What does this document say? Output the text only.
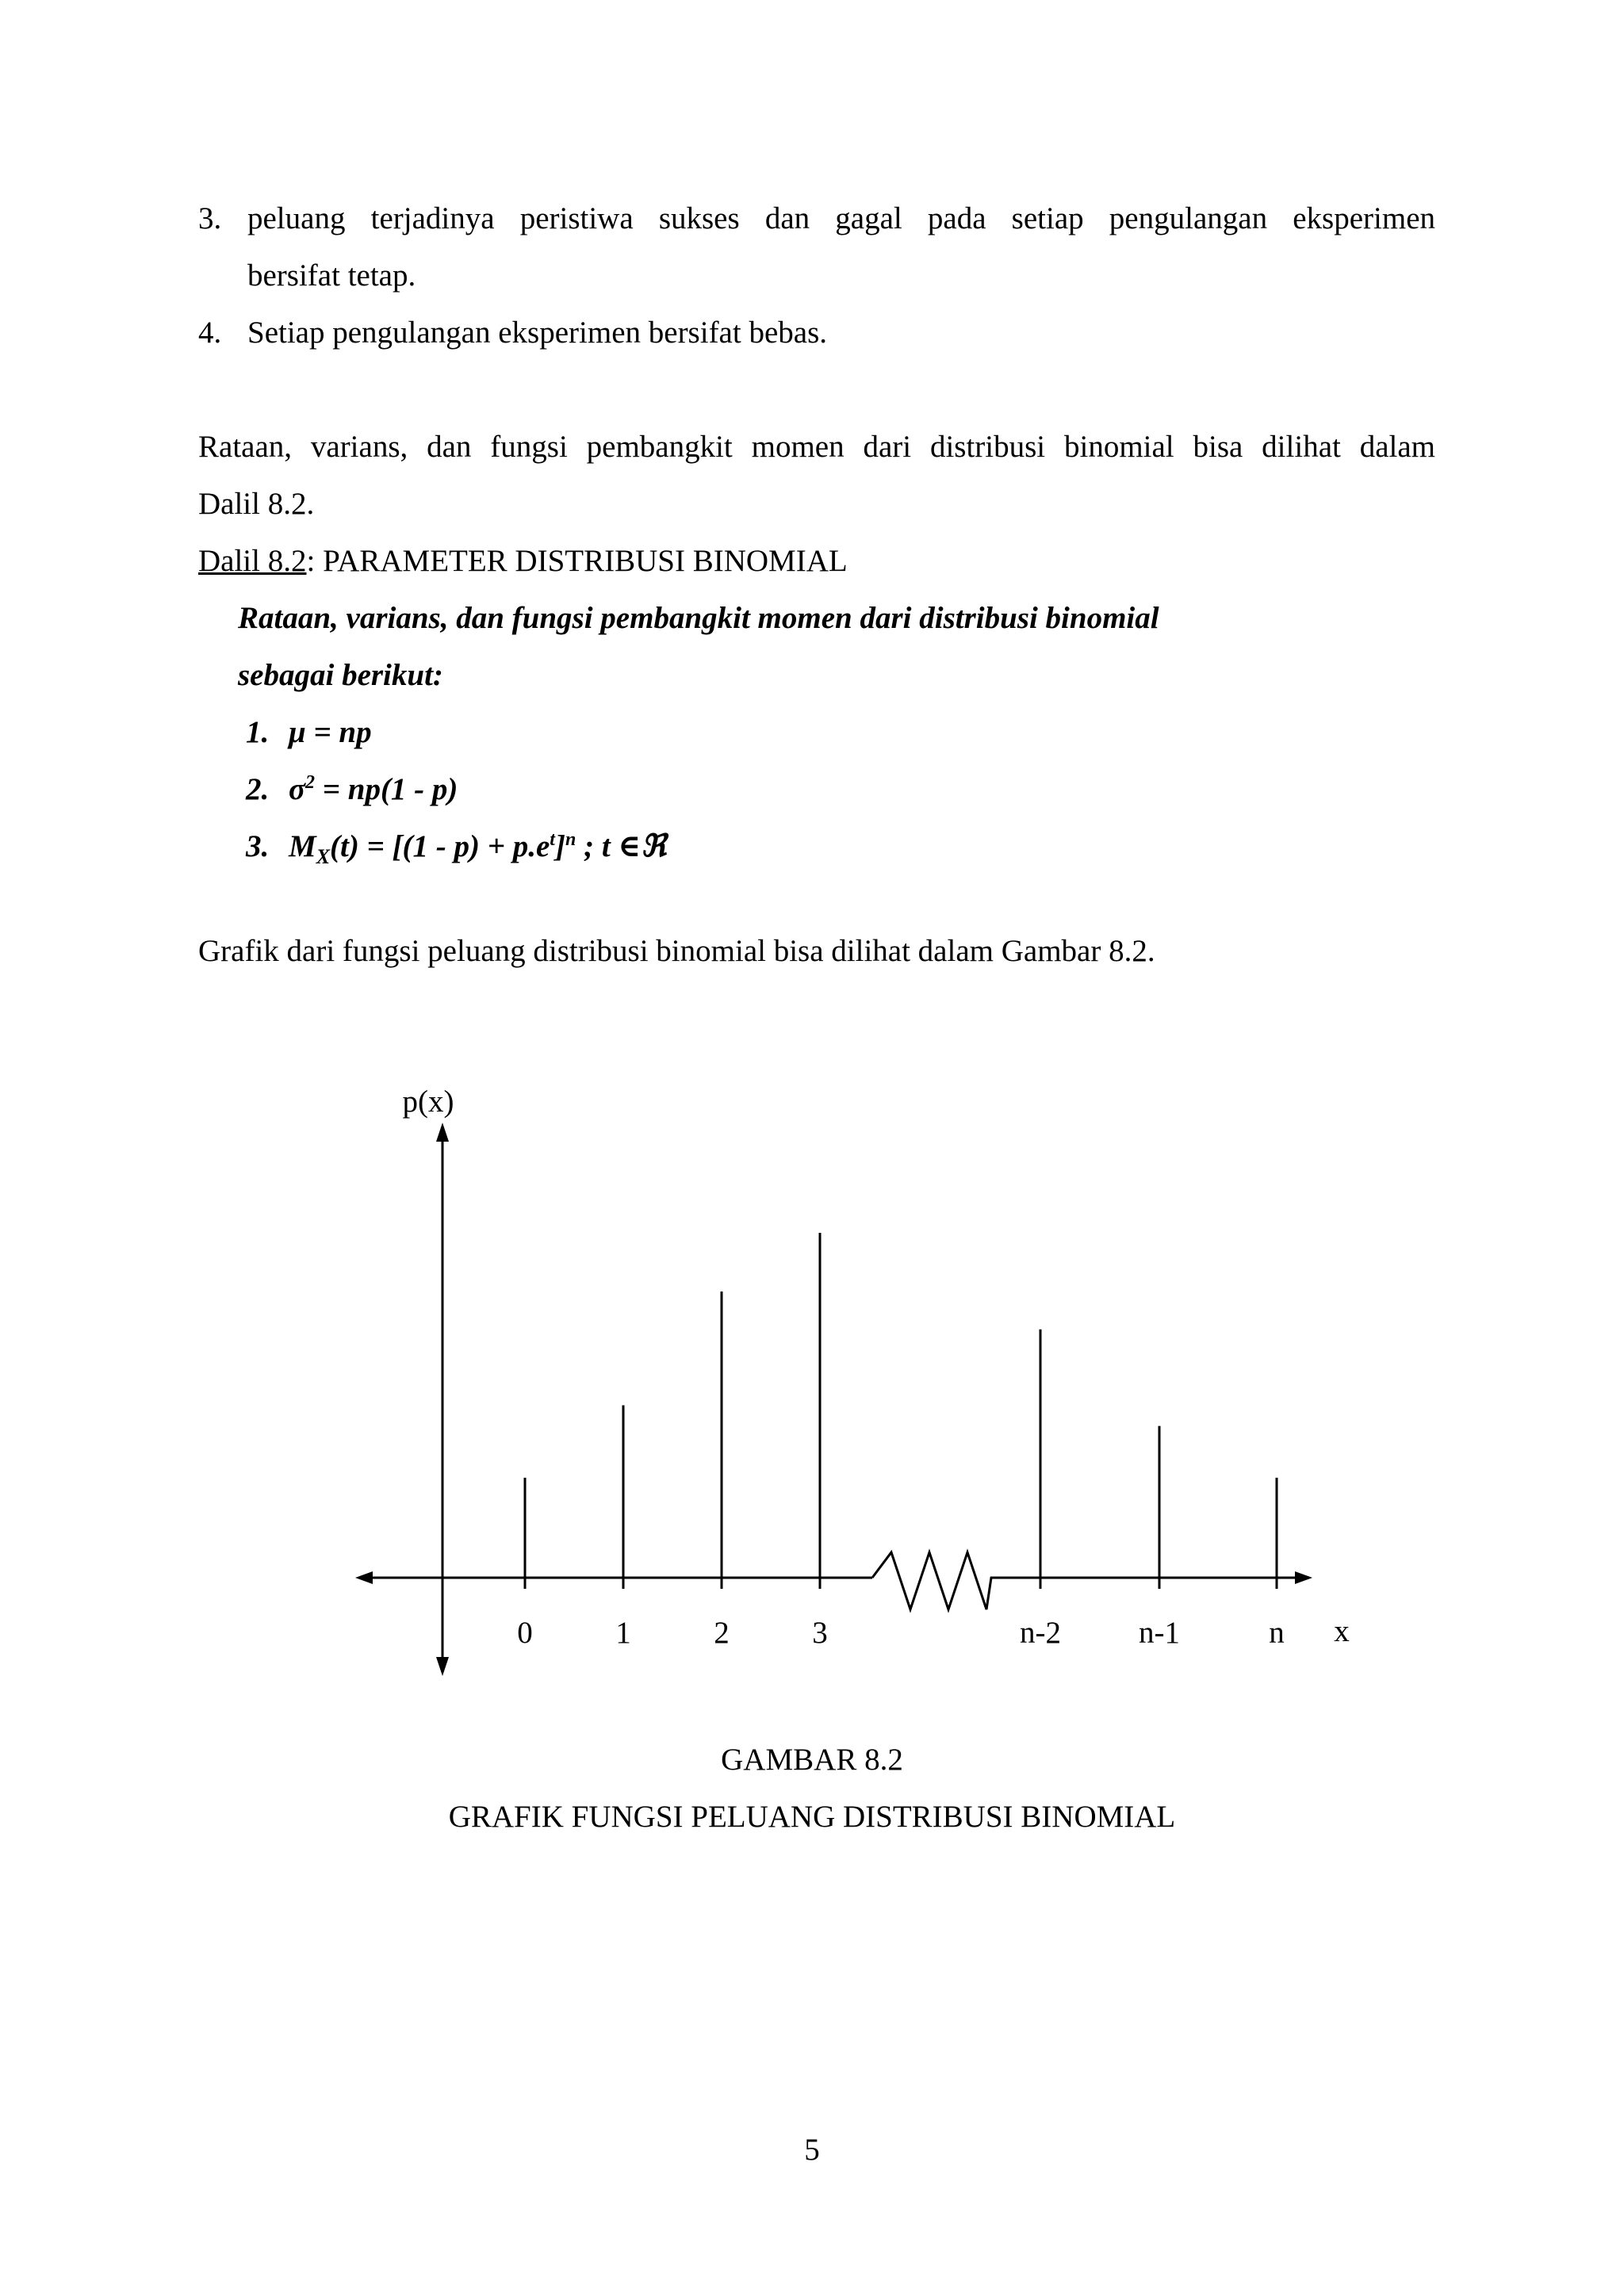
3. peluang terjadinya peristiwa sukses dan gagal pada setiap pengulangan eksperimen
bersifat tetap.
4. Setiap pengulangan eksperimen bersifat bebas.
Rataan, varians, dan fungsi pembangkit momen dari distribusi binomial bisa dilihat dalam
Dalil 8.2.
Dalil 8.2: PARAMETER DISTRIBUSI BINOMIAL
Rataan, varians, dan fungsi pembangkit momen dari distribusi binomial
sebagai berikut:
1. μ = np
2. $\sigma^2 = np(1 - p)$
3. $M_X(t) = [(1 - p) + p.e^t]^n$ ; t ∈ℜ
Grafik dari fungsi peluang distribusi binomial bisa dilihat dalam Gambar 8.2.
0	1	2	3	n-2	n-1	n
p(x)
x
GAMBAR 8.2
GRAFIK FUNGSI PELUANG DISTRIBUSI BINOMIAL
5
